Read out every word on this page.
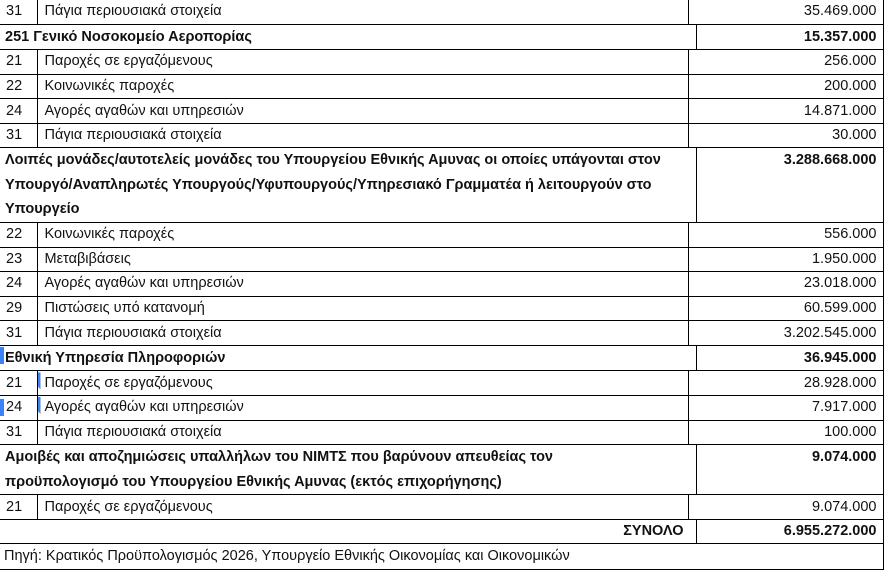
31	Πάγια περιουσιακά στοιχεία	35.469.000	
251 Γενικό Νοσοκομείο Αεροπορίας			15.357.000
21	Παροχές σε εργαζόμενους	256.000	
22	Κοινωνικές παροχές	200.000	
24	Αγορές αγαθών και υπηρεσιών	14.871.000	
31	Πάγια περιουσιακά στοιχεία	30.000	
Λοιπές μονάδες/αυτοτελείς μονάδες του Υπουργείου Εθνικής Αμυνας οι οποίες υπάγονται στον Υπουργό/Αναπληρωτές Υπουργούς/Υφυπουργούς/Υπηρεσιακό Γραμματέα ή λειτουργούν στο Υπουργείο			3.288.668.000
22	Κοινωνικές παροχές	556.000	
23	Μεταβιβάσεις	1.950.000	
24	Αγορές αγαθών και υπηρεσιών	23.018.000	
29	Πιστώσεις υπό κατανομή	60.599.000	
31	Πάγια περιουσιακά στοιχεία	3.202.545.000	

Εθνική Υπηρεσία Πληροφοριών			36.945.000
21	Παροχές σε εργαζόμενους	28.928.000	

24	Αγορές αγαθών και υπηρεσιών	7.917.000	
31	Πάγια περιουσιακά στοιχεία	100.000	
Αμοιβές και αποζημιώσεις υπαλλήλων του ΝΙΜΤΣ που βαρύνουν απευθείας τον προϋπολογισμό του Υπουργείου Εθνικής Αμυνας (εκτός επιχορήγησης)			9.074.000
21	Παροχές σε εργαζόμενους	9.074.000	
ΣΥΝΟΛΟ			6.955.272.000
Πηγή: Κρατικός Προϋπολογισμός 2026, Υπουργείο Εθνικής Οικονομίας και Οικονομικών			
